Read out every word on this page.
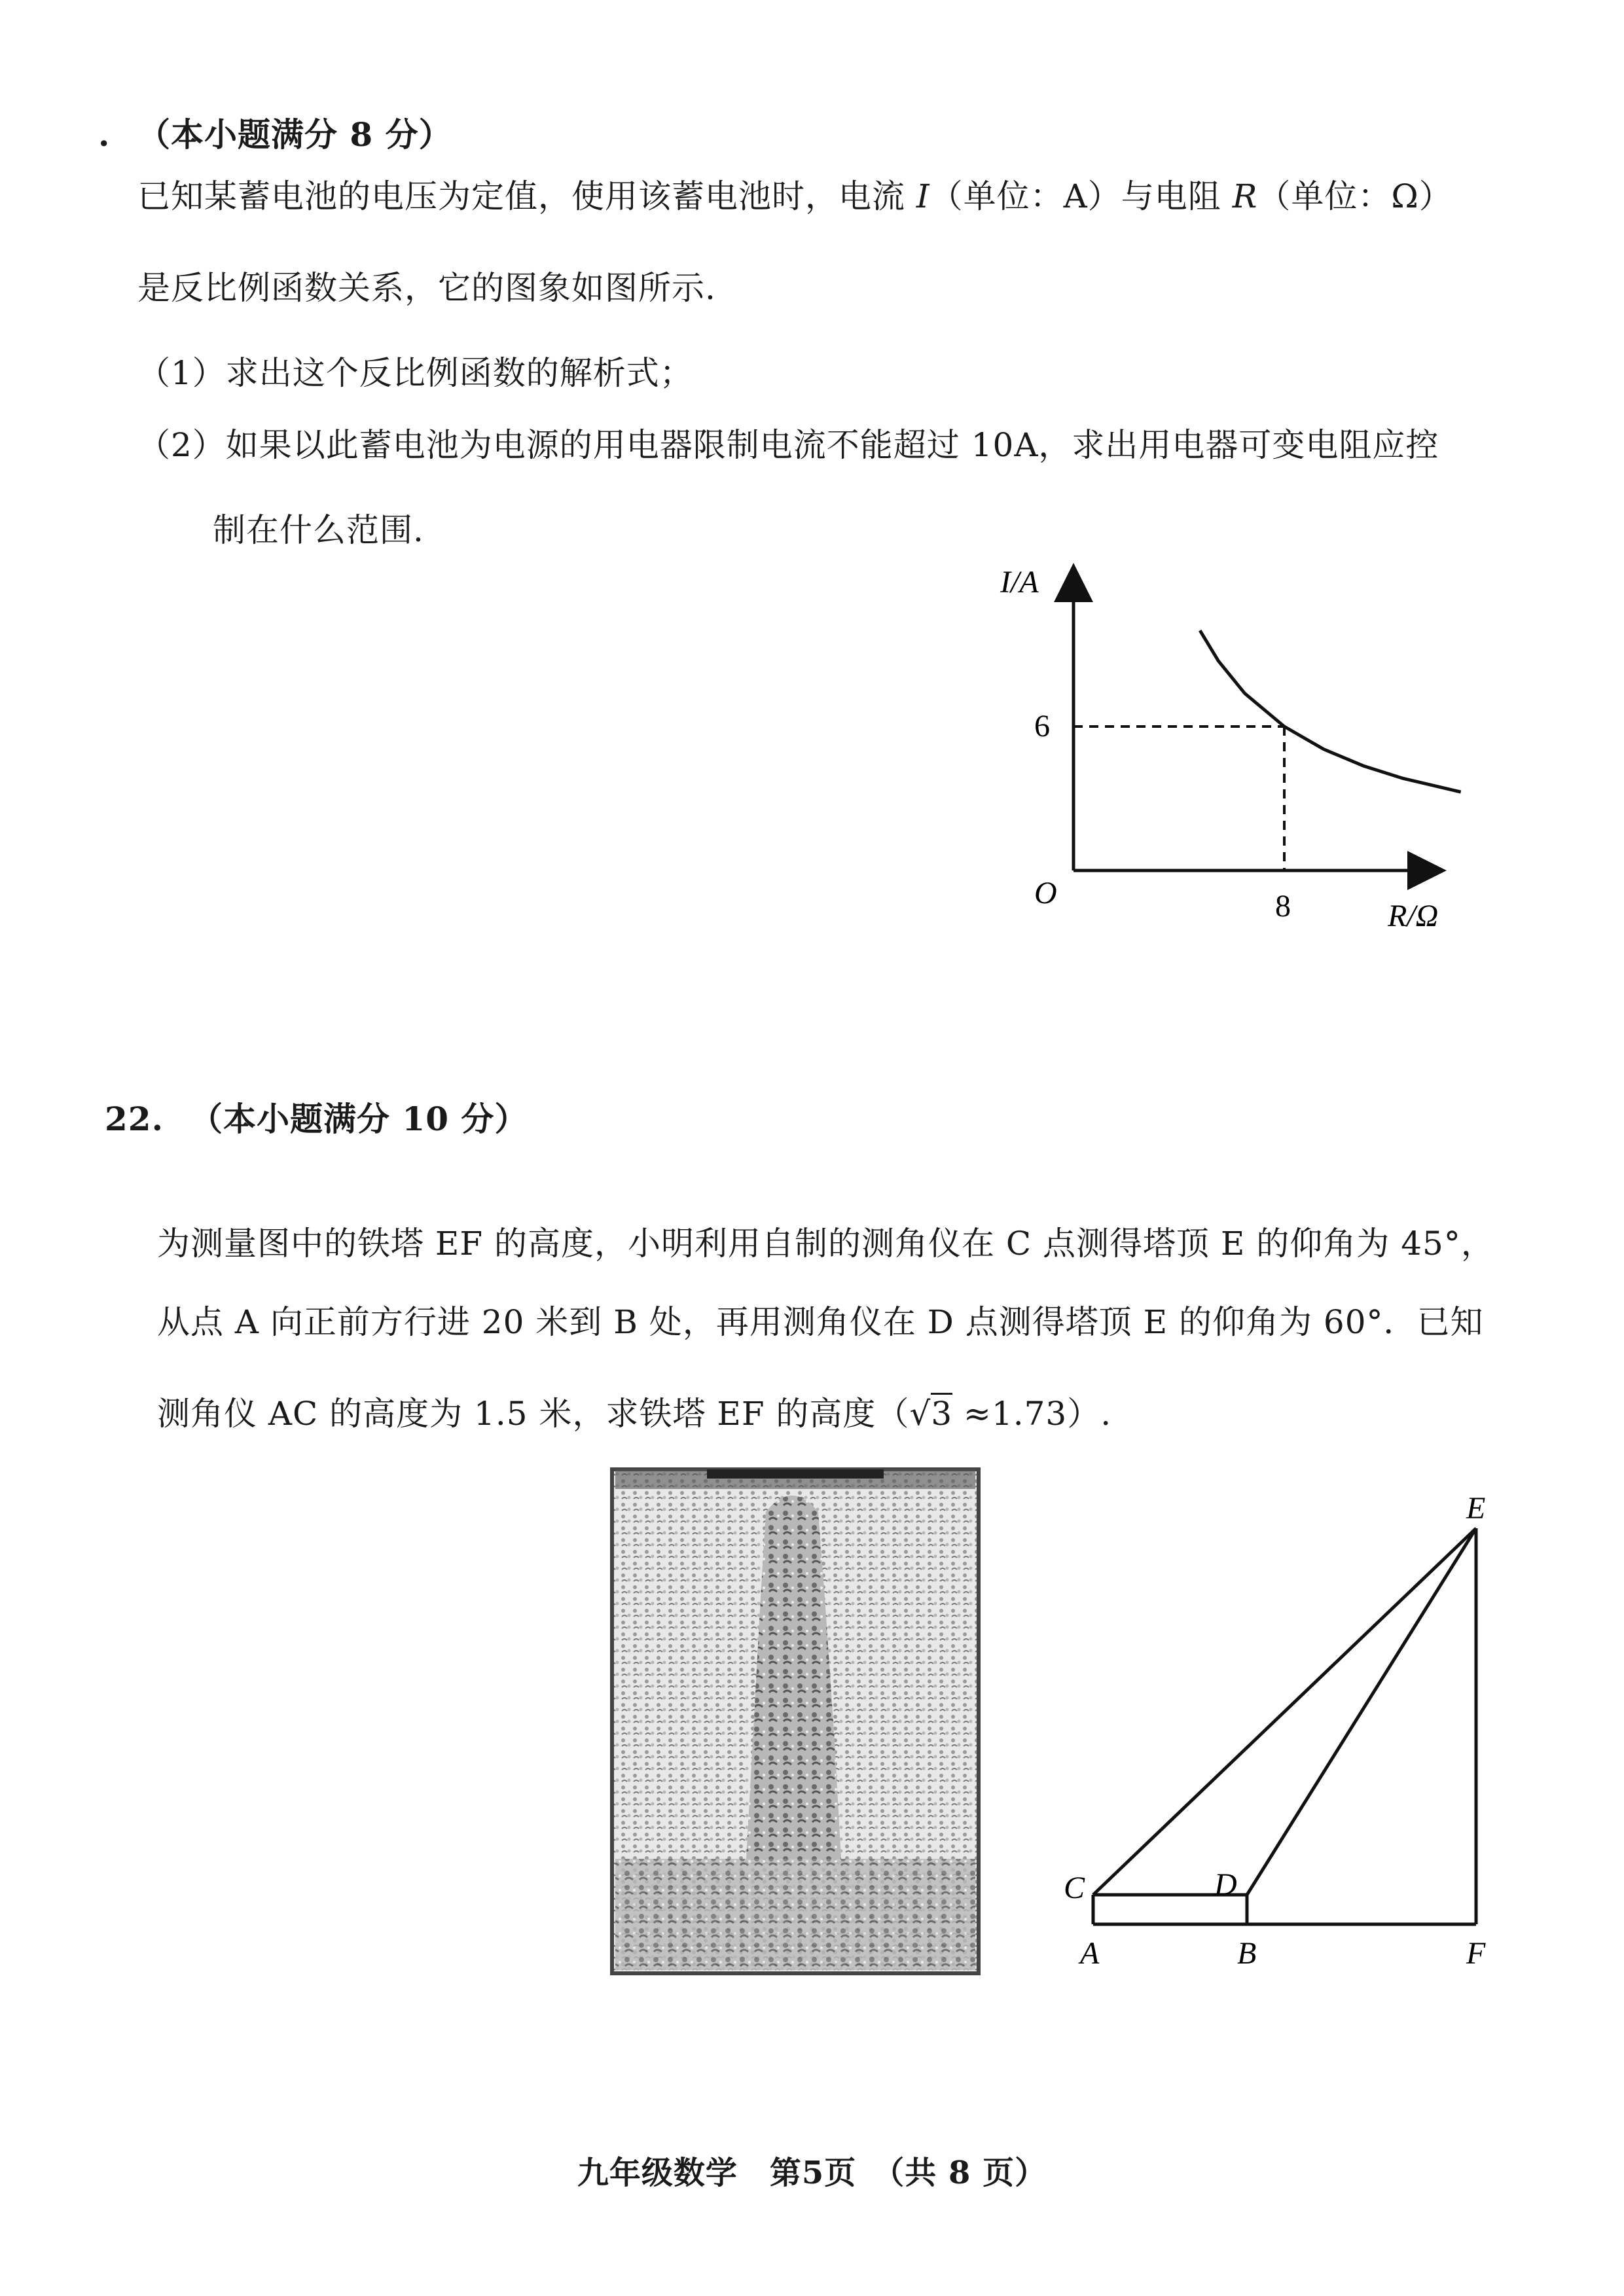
. （本小题满分 8 分）
已知某蓄电池的电压为定值，使用该蓄电池时，电流 I（单位：A）与电阻 R（单位：Ω）
是反比例函数关系，它的图象如图所示.
（1）求出这个反比例函数的解析式；
（2）如果以此蓄电池为电源的用电器限制电流不能超过 10A，求出用电器可变电阻应控
制在什么范围.
I/A
R/Ω
O
6
8
22. （本小题满分 10 分）
为测量图中的铁塔 EF 的高度，小明利用自制的测角仪在 C 点测得塔顶 E 的仰角为 45°，
从点 A 向正前方行进 20 米到 B 处，再用测角仪在 D 点测得塔顶 E 的仰角为 60°．已知
测角仪 AC 的高度为 1.5 米，求铁塔 EF 的高度（√3 ≈1.73）.
E
C	D
A	B	F
九年级数学　第5页　（共 8 页）
